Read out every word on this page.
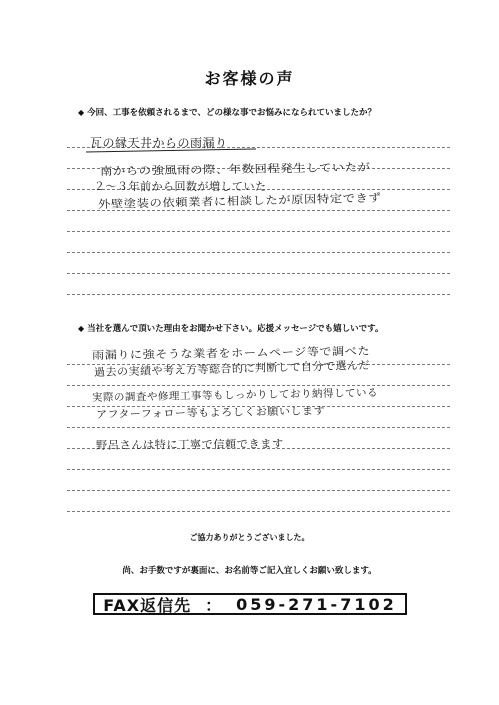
お客様の声
◆ 今回、工事を依頼されるまで、どの様な事でお悩みになられていましたか？
瓦の縁天井からの雨漏り
南からの強風雨の際、年数回程発生していたが
２〜３年前から回数が増していた
外壁塗装の依頼業者に相談したが原因特定できず
◆ 当社を選んで頂いた理由をお聞かせ下さい。応援メッセージでも嬉しいです。
雨漏りに強そうな業者をホームページ等で調べた
過去の実績や考え方等総合的に判断して自分で選んだ
実際の調査や修理工事等もしっかりしており納得している
アフターフォロー等もよろしくお願いします
野呂さんは特に丁寧で信頼できます
ご協力ありがとうございました。
尚、お手数ですが裏面に、お名前等ご記入宜しくお願い致します。
FAX返信先 ： 059-271-7102
